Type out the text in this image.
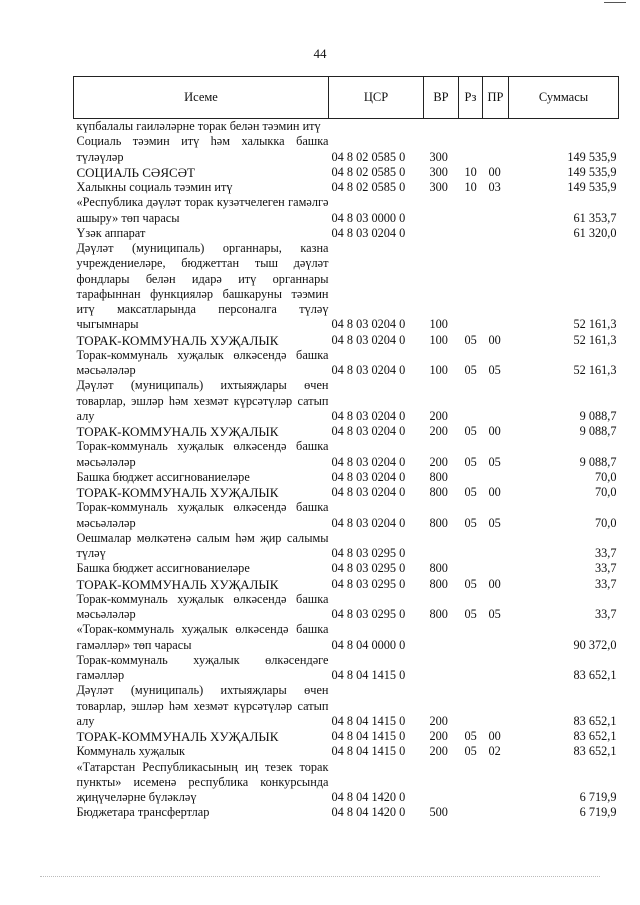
44
Исеме	ЦСР	ВР	Рз	ПР	Суммасы
күпбалалы гаиләләрне торак белән тәэмин итү					
Социаль тәэмин итү һәм халыкка башка түләүләр	04 8 02 0585 0	300			149 535,9
СОЦИАЛЬ СӘЯСӘТ	04 8 02 0585 0	300	10	00	149 535,9
Халыкны социаль тәэмин итү	04 8 02 0585 0	300	10	03	149 535,9
«Республика дәүләт торак кузәтчелеген гамәлгә ашыру» төп чарасы	04 8 03 0000 0				61 353,7
Үзәк аппарат	04 8 03 0204 0				61 320,0
Дәүләт (муниципаль) органнары, казна учреждениеләре, бюджеттан тыш дәүләт фондлары белән идарә итү органнары тарафыннан функцияләр башкаруны тәэмин итү максатларында персоналга түләү чыгымнары	04 8 03 0204 0	100			52 161,3
ТОРАК-КОММУНАЛЬ ХУҖАЛЫК	04 8 03 0204 0	100	05	00	52 161,3
Торак-коммуналь хуҗалык өлкәсендә башка мәсьәләләр	04 8 03 0204 0	100	05	05	52 161,3
Дәүләт (муниципаль) ихтыяҗлары өчен товарлар, эшләр һәм хезмәт күрсәтүләр сатып алу	04 8 03 0204 0	200			9 088,7
ТОРАК-КОММУНАЛЬ ХУҖАЛЫК	04 8 03 0204 0	200	05	00	9 088,7
Торак-коммуналь хуҗалык өлкәсендә башка мәсьәләләр	04 8 03 0204 0	200	05	05	9 088,7
Башка бюджет ассигнованиеләре	04 8 03 0204 0	800			70,0
ТОРАК-КОММУНАЛЬ ХУҖАЛЫК	04 8 03 0204 0	800	05	00	70,0
Торак-коммуналь хуҗалык өлкәсендә башка мәсьәләләр	04 8 03 0204 0	800	05	05	70,0
Оешмалар мөлкәтенә салым һәм җир салымы түләү	04 8 03 0295 0				33,7
Башка бюджет ассигнованиеләре	04 8 03 0295 0	800			33,7
ТОРАК-КОММУНАЛЬ ХУҖАЛЫК	04 8 03 0295 0	800	05	00	33,7
Торак-коммуналь хуҗалык өлкәсендә башка мәсьәләләр	04 8 03 0295 0	800	05	05	33,7
«Торак-коммуналь хуҗалык өлкәсендә башка гамәлләр» төп чарасы	04 8 04 0000 0				90 372,0
Торак-коммуналь хуҗалык өлкәсендәге гамәлләр	04 8 04 1415 0				83 652,1
Дәүләт (муниципаль) ихтыяҗлары өчен товарлар, эшләр һәм хезмәт күрсәтүләр сатып алу	04 8 04 1415 0	200			83 652,1
ТОРАК-КОММУНАЛЬ ХУҖАЛЫК	04 8 04 1415 0	200	05	00	83 652,1
Коммуналь хуҗалык	04 8 04 1415 0	200	05	02	83 652,1
«Татарстан Республикасының иң тезек торак пункты» исеменә республика конкурсында җиңүчеләрне бүләкләү	04 8 04 1420 0				6 719,9
Бюджетара трансфертлар	04 8 04 1420 0	500			6 719,9
